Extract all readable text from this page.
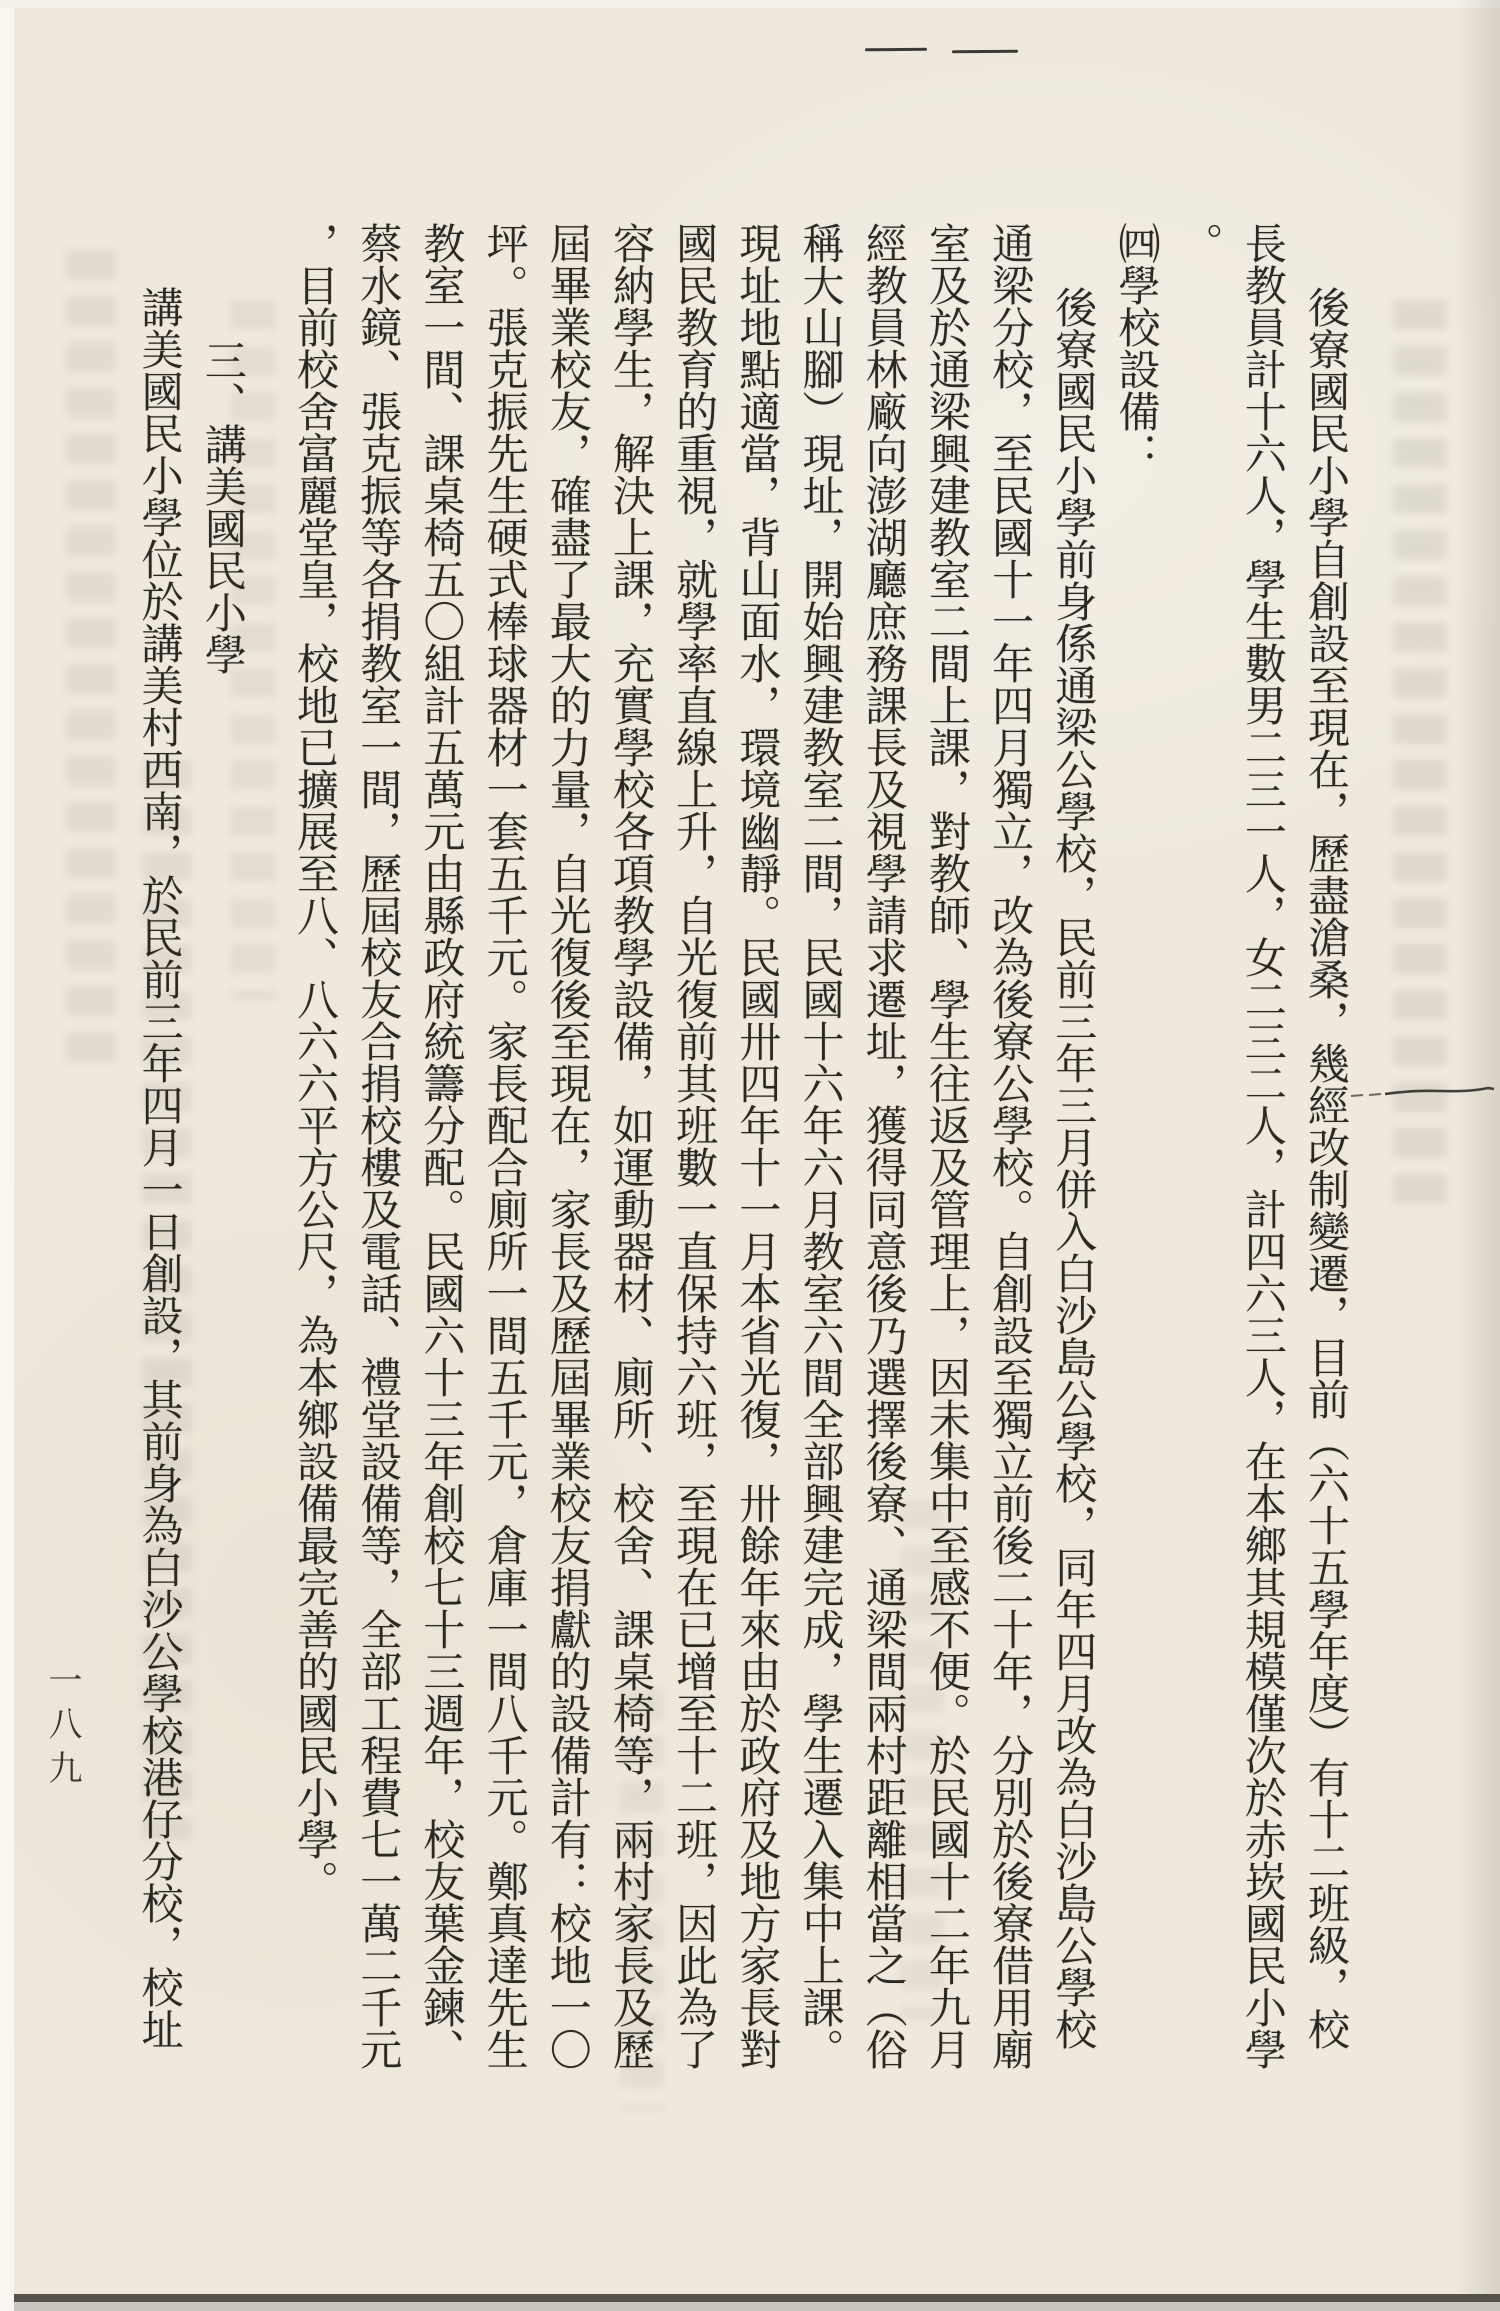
後寮國民小學自創設至現在，歷盡滄桑，幾經改制變遷，目前（六十五學年度）有十二班級，校
長教員計十六人，學生數男二三一人，女二三二人，計四六三人，在本鄉其規模僅次於赤崁國民小學
。
㈣學校設備：
後寮國民小學前身係通梁公學校，民前三年三月併入白沙島公學校，同年四月改為白沙島公學校
通梁分校，至民國十一年四月獨立，改為後寮公學校。自創設至獨立前後二十年，分別於後寮借用廟
室及於通梁興建教室二間上課，對教師、學生往返及管理上，因未集中至感不便。於民國十二年九月
經教員林廠向澎湖廳庶務課長及視學請求遷址，獲得同意後乃選擇後寮、通梁間兩村距離相當之（俗
稱大山腳）現址，開始興建教室二間，民國十六年六月教室六間全部興建完成，學生遷入集中上課。
現址地點適當，背山面水，環境幽靜。民國卅四年十一月本省光復，卅餘年來由於政府及地方家長對
國民教育的重視，就學率直線上升，自光復前其班數一直保持六班，至現在已增至十二班，因此為了
容納學生，解決上課，充實學校各項教學設備，如運動器材、廁所、校舍、課桌椅等，兩村家長及歷
屆畢業校友，確盡了最大的力量，自光復後至現在，家長及歷屆畢業校友捐獻的設備計有：校地一〇
坪。張克振先生硬式棒球器材一套五千元。家長配合廁所一間五千元，倉庫一間八千元。鄭真達先生
教室一間、課桌椅五〇組計五萬元由縣政府統籌分配。民國六十三年創校七十三週年，校友葉金鍊、
蔡水鏡、張克振等各捐教室一間，歷屆校友合捐校樓及電話、禮堂設備等，全部工程費七一萬二千元
，目前校舍富麗堂皇，校地已擴展至八、八六六平方公尺，為本鄉設備最完善的國民小學。
三、講美國民小學
講美國民小學位於講美村西南，於民前三年四月一日創設，其前身為白沙公學校港仔分校，校址
一八九
